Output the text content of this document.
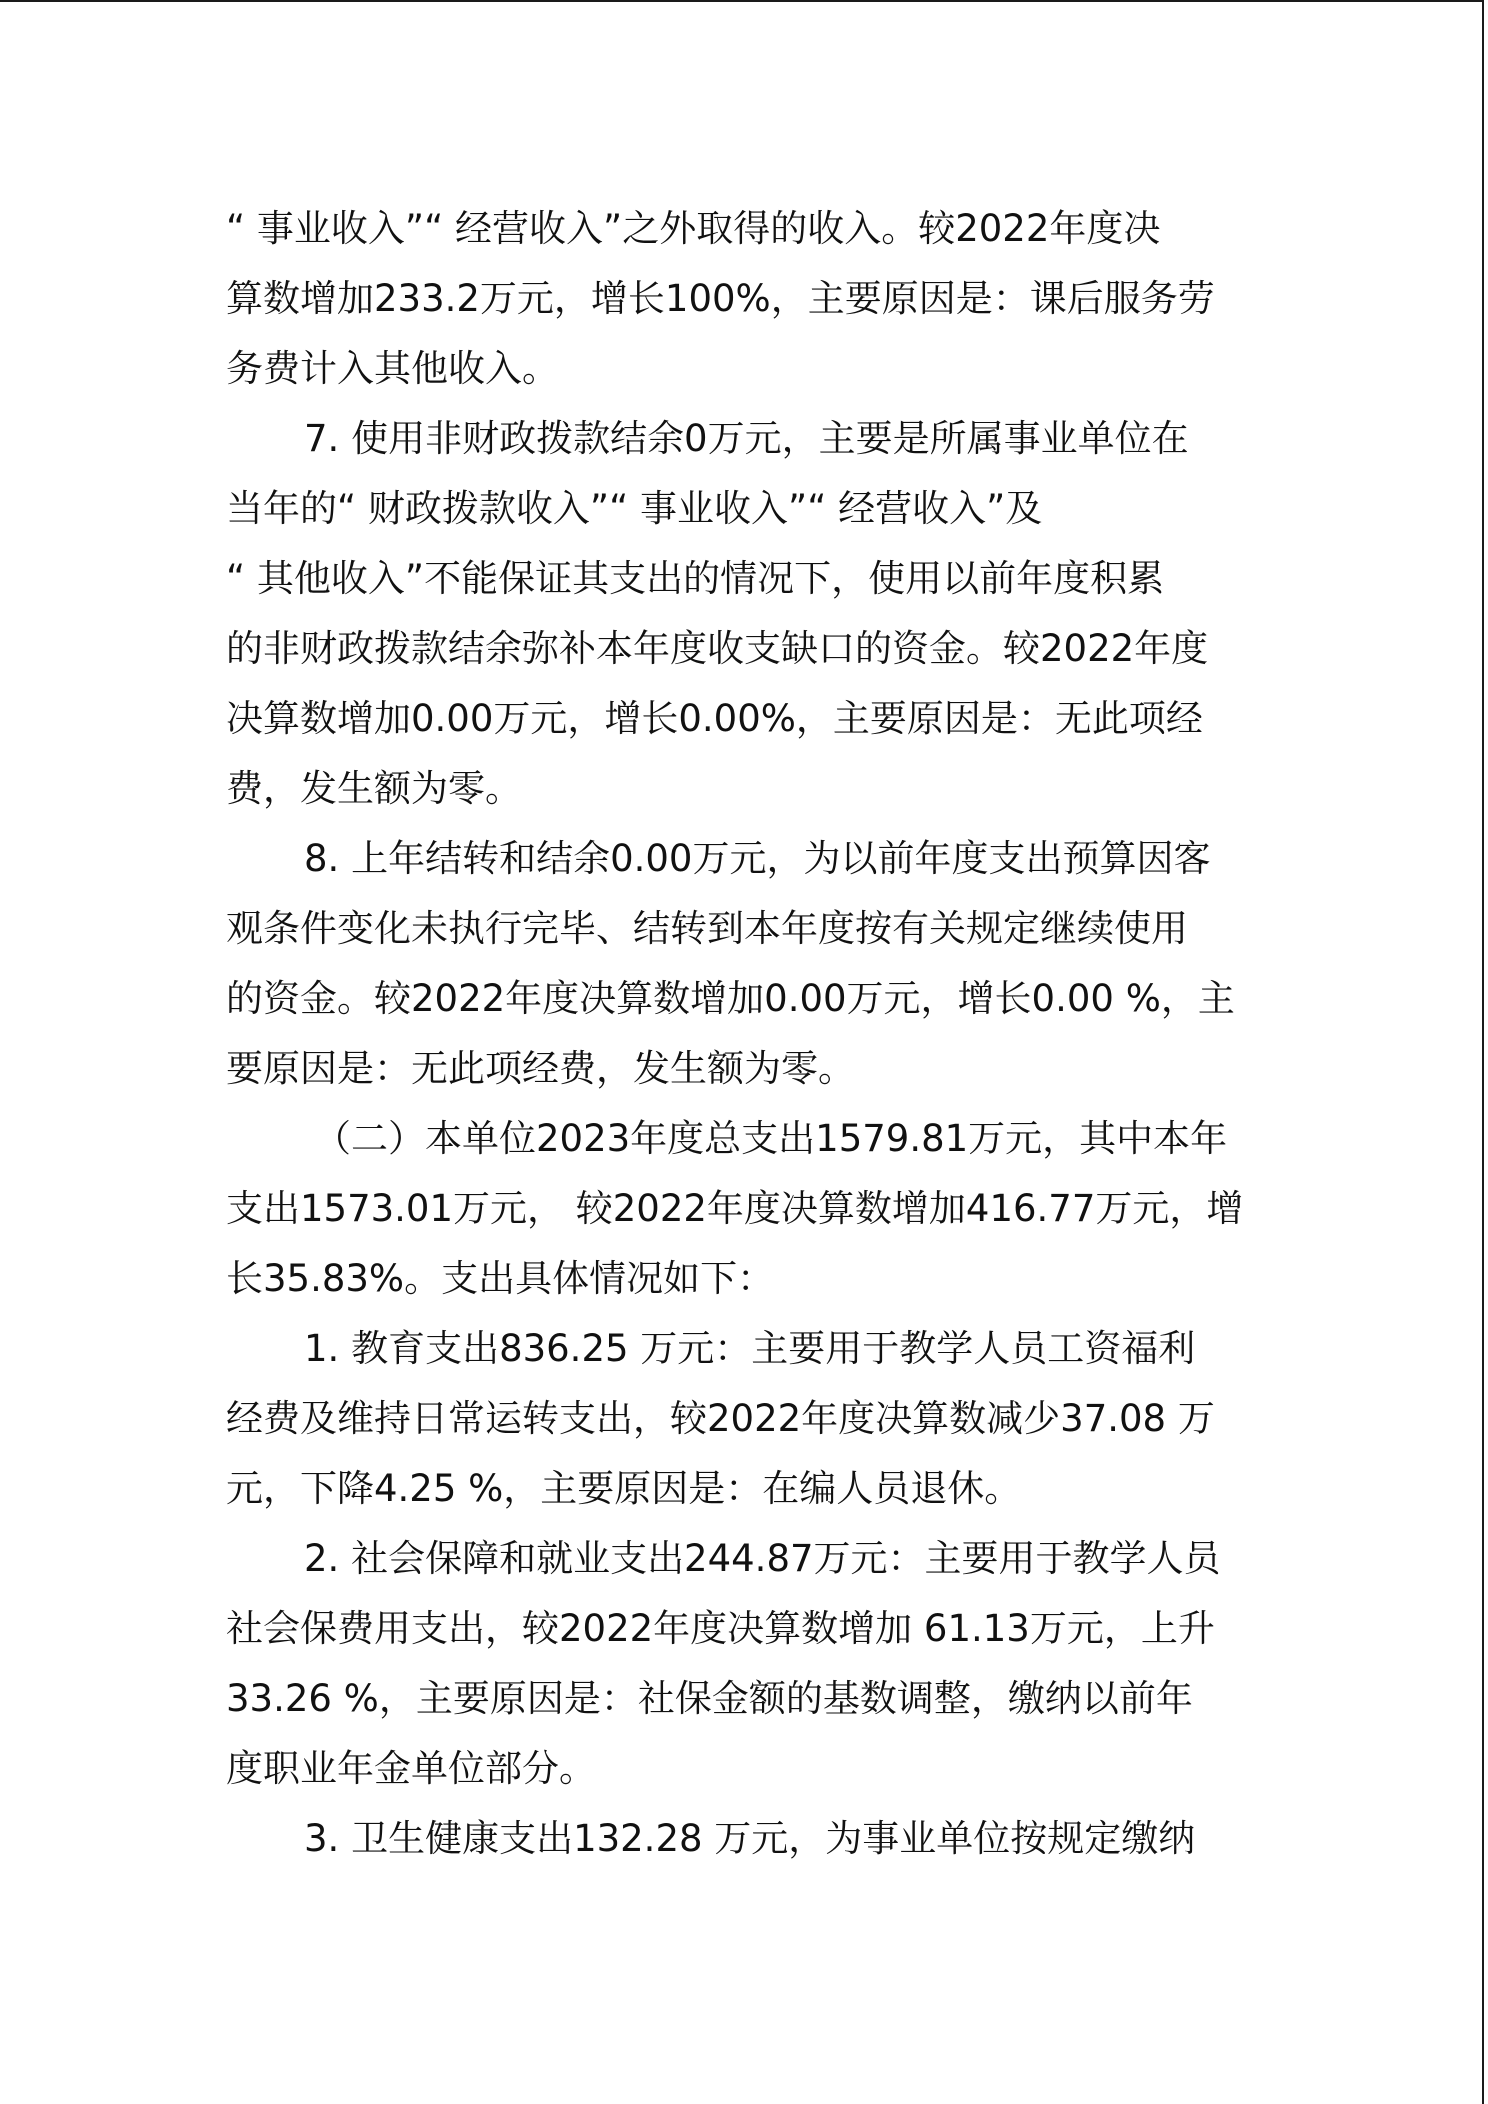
“ 事业收入”“ 经营收入”之外取得的收入。较2022年度决
算数增加233.2万元，增长100%，主要原因是：课后服务劳
务费计入其他收入。
7. 使用非财政拨款结余0万元，主要是所属事业单位在
当年的“ 财政拨款收入”“ 事业收入”“ 经营收入”及
“ 其他收入”不能保证其支出的情况下，使用以前年度积累
的非财政拨款结余弥补本年度收支缺口的资金。较2022年度
决算数增加0.00万元，增长0.00%，主要原因是：无此项经
费，发生额为零。
8. 上年结转和结余0.00万元，为以前年度支出预算因客
观条件变化未执行完毕、结转到本年度按有关规定继续使用
的资金。较2022年度决算数增加0.00万元，增长0.00 %，主
要原因是：无此项经费，发生额为零。
（二）本单位2023年度总支出1579.81万元，其中本年
支出1573.01万元， 较2022年度决算数增加416.77万元，增
长35.83%。支出具体情况如下：
1. 教育支出836.25 万元：主要用于教学人员工资福利
经费及维持日常运转支出，较2022年度决算数减少37.08 万
元，下降4.25 %，主要原因是：在编人员退休。
2. 社会保障和就业支出244.87万元：主要用于教学人员
社会保费用支出，较2022年度决算数增加 61.13万元，上升
33.26 %，主要原因是：社保金额的基数调整，缴纳以前年
度职业年金单位部分。
3. 卫生健康支出132.28 万元，为事业单位按规定缴纳
